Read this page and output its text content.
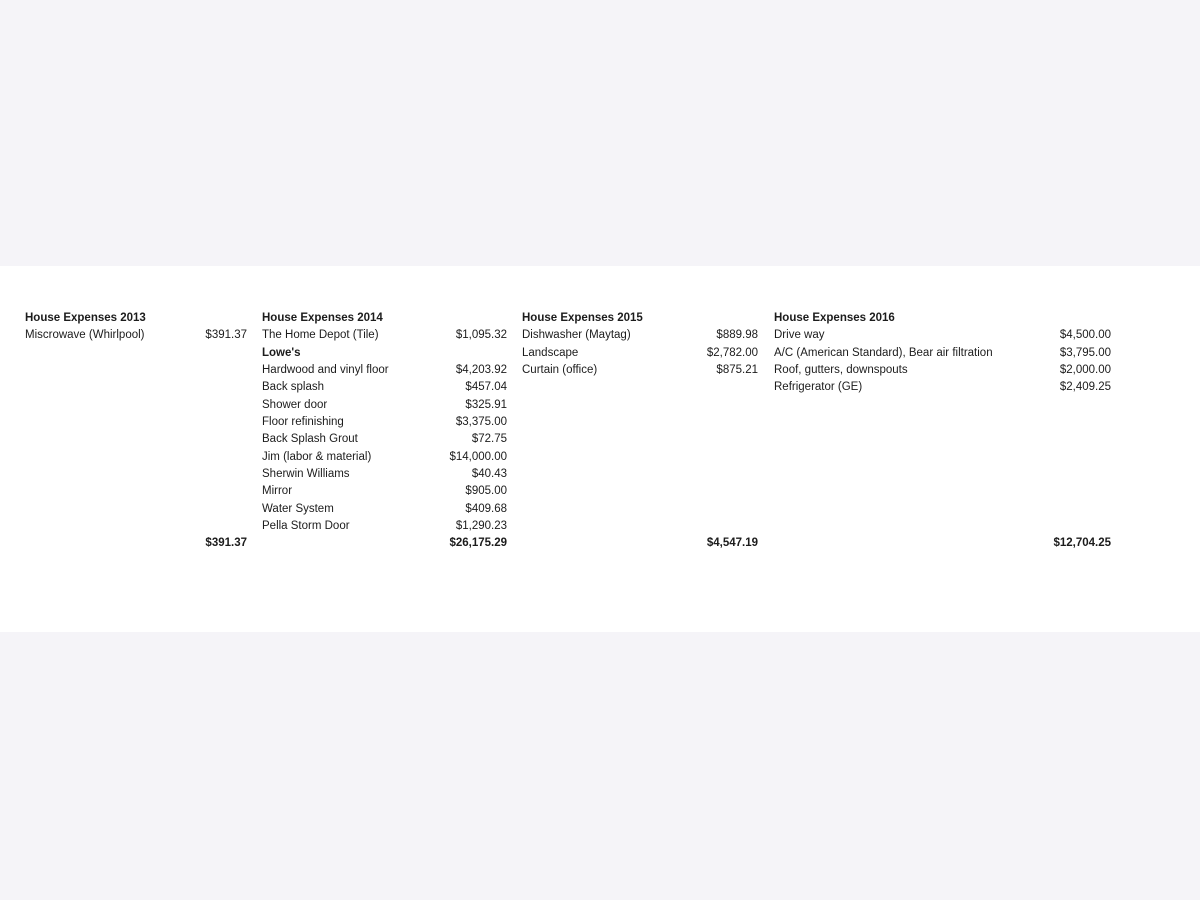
House Expenses 2013
Miscrowave (Whirlpool)	$391.37
$391.37
House Expenses 2014
The Home Depot (Tile)	$1,095.32
Lowe's
Hardwood and vinyl floor	$4,203.92
Back splash	$457.04
Shower door	$325.91
Floor refinishing	$3,375.00
Back Splash Grout	$72.75
Jim (labor & material)	$14,000.00
Sherwin Williams	$40.43
Mirror	$905.00
Water System	$409.68
Pella Storm Door	$1,290.23
$26,175.29
House Expenses 2015
Dishwasher (Maytag)	$889.98
Landscape	$2,782.00
Curtain (office)	$875.21
$4,547.19
House Expenses 2016
Drive way	$4,500.00
A/C (American Standard), Bear air filtration	$3,795.00
Roof, gutters, downspouts	$2,000.00
Refrigerator (GE)	$2,409.25
$12,704.25
